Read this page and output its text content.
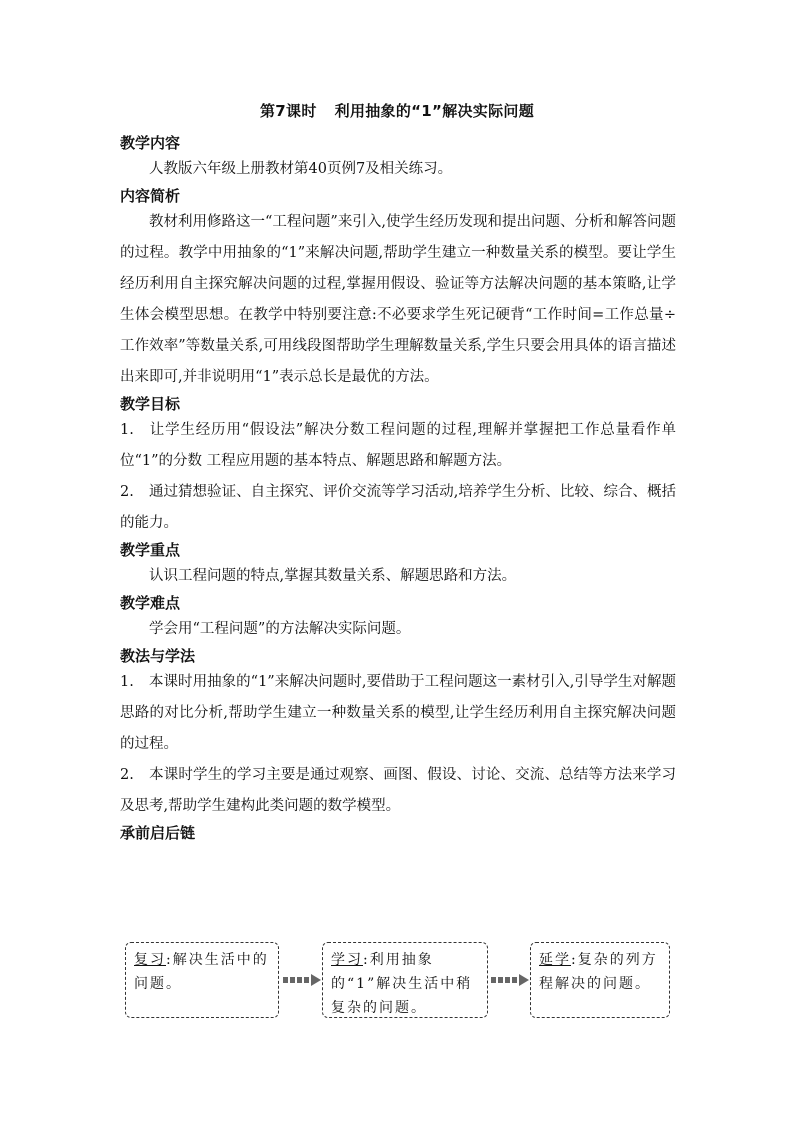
第7课时 利用抽象的“1”解决实际问题

教学内容

人教版六年级上册教材第40页例7及相关练习。

内容简析

教材利用修路这一“工程问题”来引入,使学生经历发现和提出问题、分析和解答问题的过程。教学中用抽象的“1”来解决问题,帮助学生建立一种数量关系的模型。要让学生经历利用自主探究解决问题的过程,掌握用假设、验证等方法解决问题的基本策略,让学生体会模型思想。在教学中特别要注意:不必要求学生死记硬背“工作时间=工作总量÷工作效率”等数量关系,可用线段图帮助学生理解数量关系,学生只要会用具体的语言描述出来即可,并非说明用“1”表示总长是最优的方法。

教学目标

1. 让学生经历用“假设法”解决分数工程问题的过程,理解并掌握把工作总量看作单位“1”的分数 工程应用题的基本特点、解题思路和解题方法。

2. 通过猜想验证、自主探究、评价交流等学习活动,培养学生分析、比较、综合、概括的能力。

教学重点

认识工程问题的特点,掌握其数量关系、解题思路和方法。

教学难点

学会用“工程问题”的方法解决实际问题。

教法与学法

1. 本课时用抽象的“1”来解决问题时,要借助于工程问题这一素材引入,引导学生对解题思路的对比分析,帮助学生建立一种数量关系的模型,让学生经历利用自主探究解决问题的过程。

2. 本课时学生的学习主要是通过观察、画图、假设、讨论、交流、总结等方法来学习及思考,帮助学生建构此类问题的数学模型。

承前启后链

复习:解决生活中的问题。
学习:利用抽象的“1”解决生活中稍复杂的问题。
延学:复杂的列方程解决的问题。
